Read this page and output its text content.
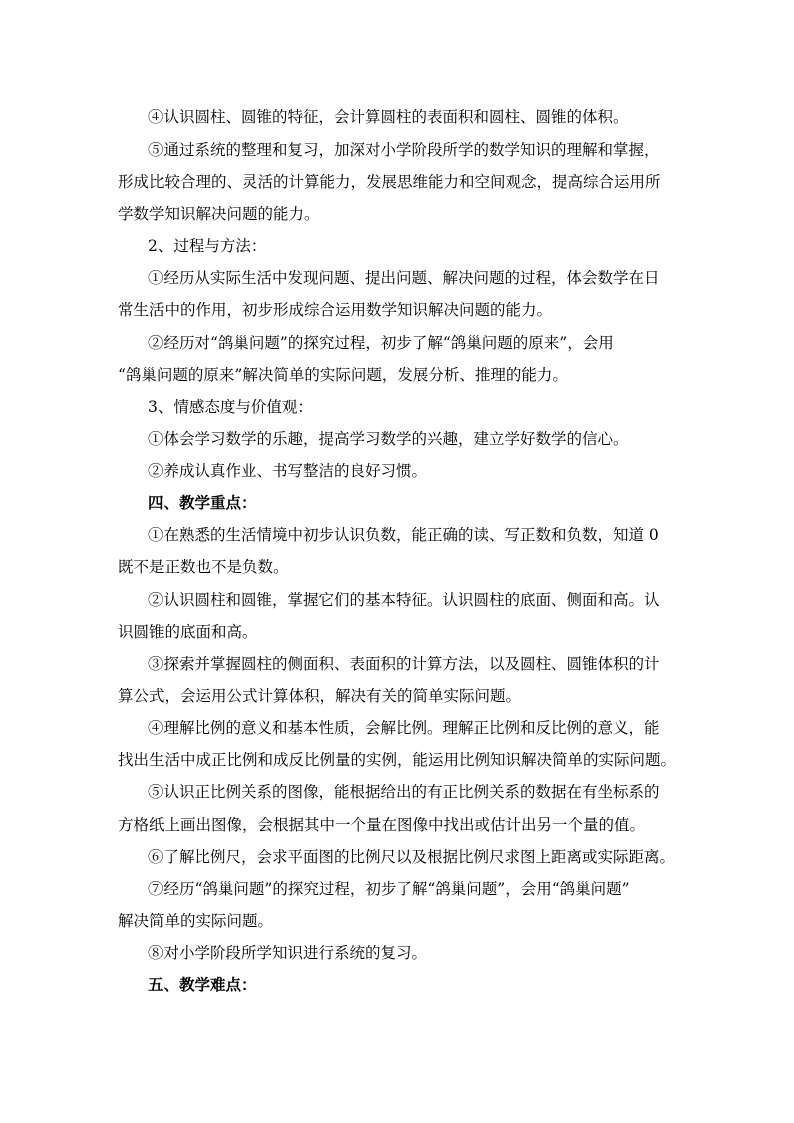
④认识圆柱、圆锥的特征，会计算圆柱的表面积和圆柱、圆锥的体积。
⑤通过系统的整理和复习，加深对小学阶段所学的数学知识的理解和掌握，
形成比较合理的、灵活的计算能力，发展思维能力和空间观念，提高综合运用所
学数学知识解决问题的能力。
2、过程与方法：
①经历从实际生活中发现问题、提出问题、解决问题的过程，体会数学在日
常生活中的作用，初步形成综合运用数学知识解决问题的能力。
②经历对“鸽巢问题”的探究过程，初步了解“鸽巢问题的原来”，会用
“鸽巢问题的原来”解决简单的实际问题，发展分析、推理的能力。
3、情感态度与价值观：
①体会学习数学的乐趣，提高学习数学的兴趣，建立学好数学的信心。
②养成认真作业、书写整洁的良好习惯。
四、教学重点：
①在熟悉的生活情境中初步认识负数，能正确的读、写正数和负数，知道 0
既不是正数也不是负数。
②认识圆柱和圆锥，掌握它们的基本特征。认识圆柱的底面、侧面和高。认
识圆锥的底面和高。
③探索并掌握圆柱的侧面积、表面积的计算方法，以及圆柱、圆锥体积的计
算公式，会运用公式计算体积，解决有关的简单实际问题。
④理解比例的意义和基本性质，会解比例。理解正比例和反比例的意义，能
找出生活中成正比例和成反比例量的实例，能运用比例知识解决简单的实际问题。
⑤认识正比例关系的图像，能根据给出的有正比例关系的数据在有坐标系的
方格纸上画出图像，会根据其中一个量在图像中找出或估计出另一个量的值。
⑥了解比例尺，会求平面图的比例尺以及根据比例尺求图上距离或实际距离。
⑦经历“鸽巢问题”的探究过程，初步了解“鸽巢问题”，会用“鸽巢问题”
解决简单的实际问题。
⑧对小学阶段所学知识进行系统的复习。
五、教学难点：
